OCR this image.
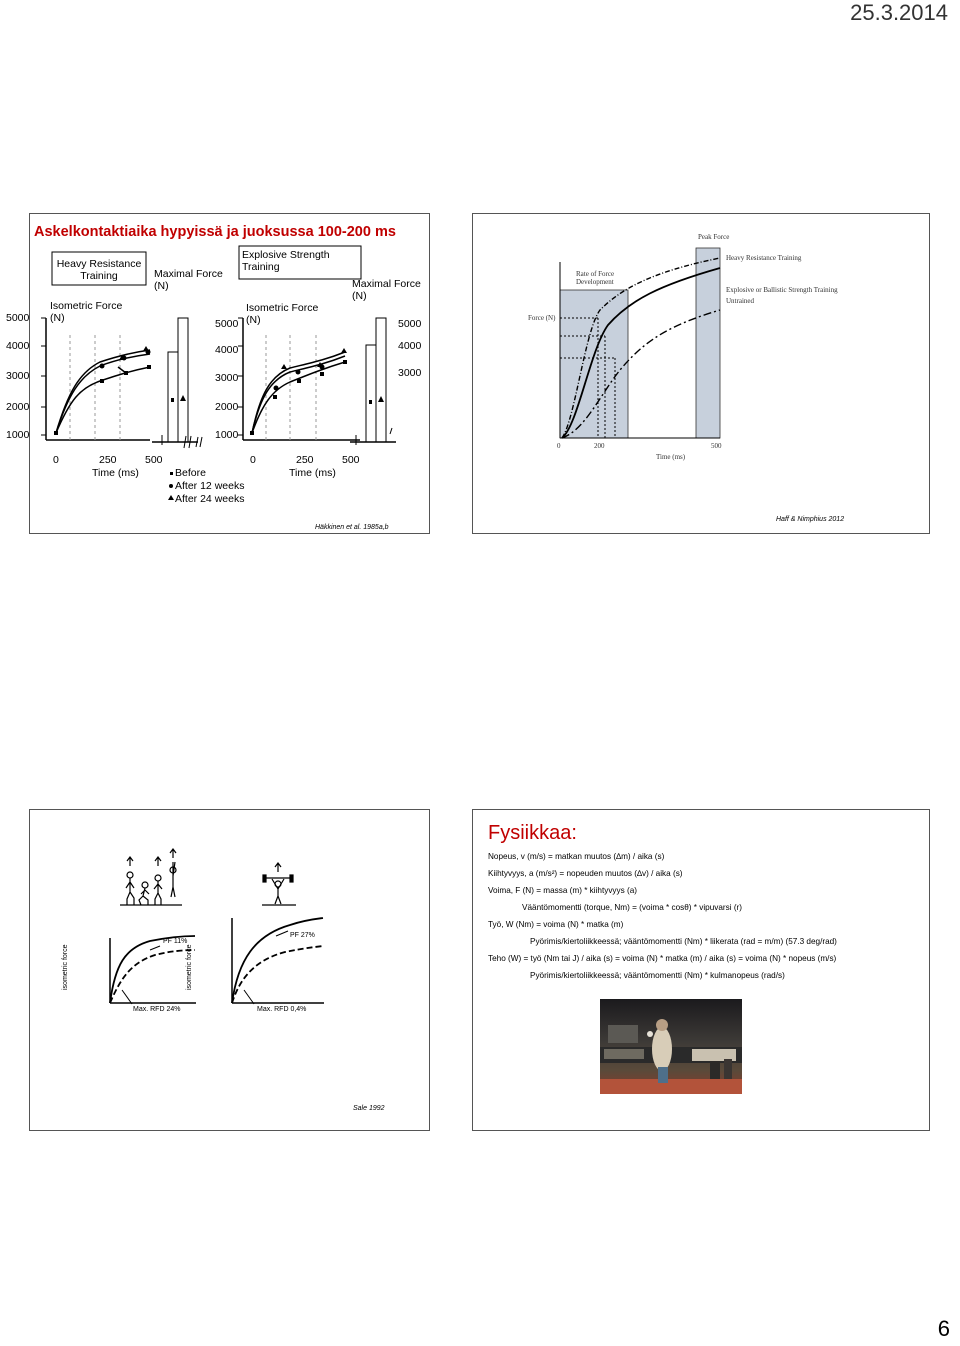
25.3.2014
6
Askelkontaktiaika hypyissä ja juoksussa 100-200 ms
Heavy Resistance Training	Maximal Force (N)
Isometric Force (N)
Explosive Strength Training
Maximal Force (N)
Isometric Force (N)
5000
4000
3000
2000
1000
5000
4000
3000
2000
1000
5000
4000
3000
0	250	500
Time (ms)
0	250	500
Time (ms)
Before
After 12 weeks
After 24 weeks
Häkkinen et al. 1985a,b
Peak Force
Rate of Force Development
Heavy Resistance Training
Explosive or Ballistic Strength Training
Untrained
Force (N)
0	200	500
Time (ms)
Haff & Nimphius 2012
isometric force	isometric force
PF 11%
Max. RFD 24%
PF 27%
Max. RFD 0,4%
Sale 1992
Fysiikkaa:
Nopeus, v (m/s) = matkan muutos (∆m) / aika (s)
Kiihtyvyys, a (m/s²) = nopeuden muutos (∆v) / aika (s)
Voima, F (N) = massa (m) * kiihtyvyys (a)
Vääntömomentti (torque, Nm) = (voima * cosθ) * vipuvarsi (r)
Työ, W (Nm) = voima (N) * matka (m)
Pyörimis/kiertoliikkeessä; vääntömomentti (Nm) * liikerata (rad = m/m) (57.3 deg/rad)
Teho (W) = työ (Nm tai J) / aika (s) = voima (N) * matka (m) / aika (s) = voima (N) * nopeus (m/s)
Pyörimis/kiertoliikkeessä; vääntömomentti (Nm) * kulmanopeus (rad/s)
